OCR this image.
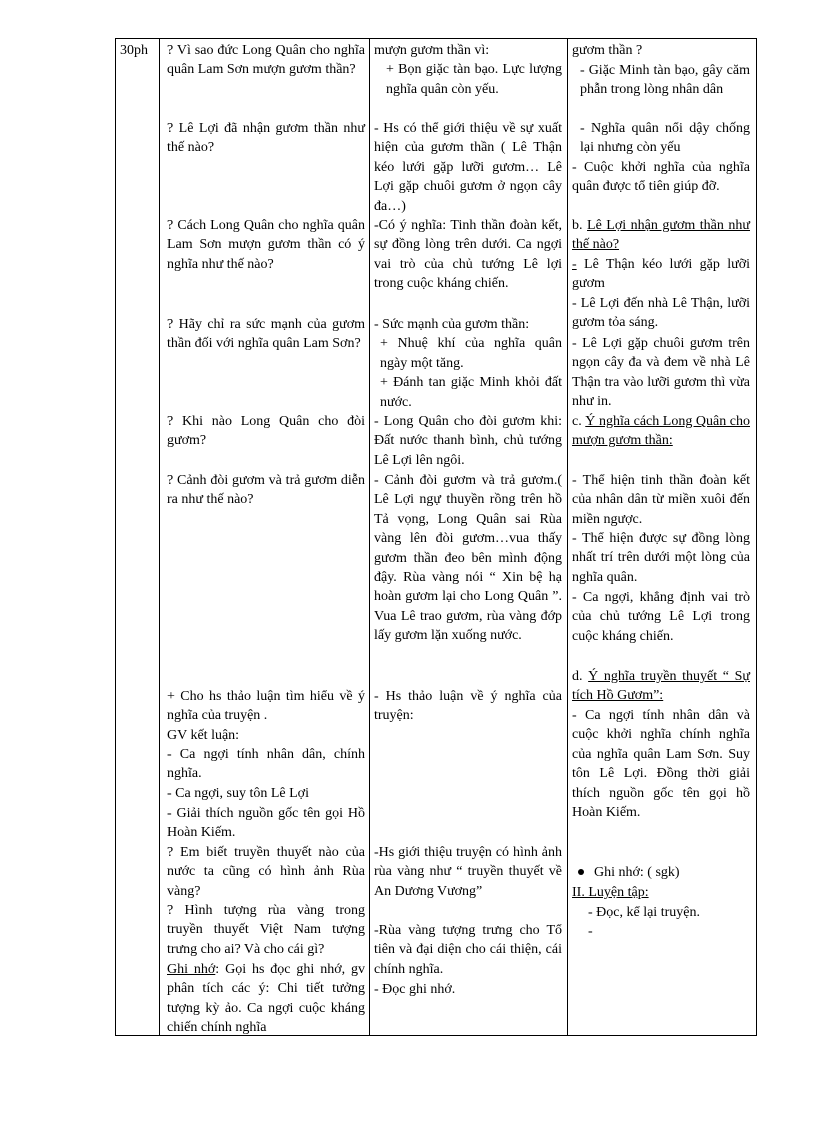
30ph ? Vì sao đức Long Quân cho nghĩa quân Lam Sơn mượn gươm thần?
? Lê Lợi đã nhận gươm thần như thế nào?
? Cách Long Quân cho nghĩa quân Lam Sơn mượn gươm thần có ý nghĩa như thế nào?
? Hãy chỉ ra sức mạnh của gươm thần đối với nghĩa quân Lam Sơn?
? Khi nào Long Quân cho đòi gươm?
? Cảnh đòi gươm và trả gươm diễn ra như thế nào?
+ Cho hs thảo luận tìm hiểu về ý nghĩa của truyện .
GV kết luận:
- Ca ngợi tính nhân dân, chính nghĩa.
- Ca ngợi, suy tôn Lê Lợi
- Giải thích nguồn gốc tên gọi Hồ Hoàn Kiếm.
? Em biết truyền thuyết nào của nước ta cũng có hình ảnh Rùa vàng?
? Hình tượng rùa vàng trong truyền thuyết Việt Nam tượng trưng cho ai? Và cho cái gì?
Ghi nhớ: Gọi hs đọc ghi nhớ, gv phân tích các ý: Chi tiết tưởng tượng kỳ ảo. Ca ngợi cuộc kháng chiến chính nghĩa
mượn gươm thần vì:
+ Bọn giặc tàn bạo. Lực lượng nghĩa quân còn yếu.
- Hs có thể giới thiệu về sự xuất hiện của gươm thần ( Lê Thận kéo lưới gặp lưỡi gươm… Lê Lợi gặp chuôi gươm ở ngọn cây đa…)
-Có ý nghĩa: Tinh thần đoàn kết, sự đồng lòng trên dưới. Ca ngợi vai trò của chủ tướng Lê lợi trong cuộc kháng chiến.
- Sức mạnh của gươm thần:
+ Nhuệ khí của nghĩa quân ngày một tăng.
+ Đánh tan giặc Minh khỏi đất nước.
- Long Quân cho đòi gươm khi: Đất nước thanh bình, chủ tướng Lê Lợi lên ngôi.
- Cảnh đòi gươm và trả gươm.( Lê Lợi ngự thuyền rồng trên hồ Tả vọng, Long Quân sai Rùa vàng lên đòi gươm…vua thấy gươm thần đeo bên mình động đậy. Rùa vàng nói “ Xin bệ hạ hoàn gươm lại cho Long Quân ”. Vua Lê trao gươm, rùa vàng đớp lấy gươm lặn xuống nước.
- Hs thảo luận về ý nghĩa của truyện:
-Hs giới thiệu truyện có hình ảnh rùa vàng như “ truyền thuyết về An Dương Vương”
-Rùa vàng tượng trưng cho Tổ tiên và đại diện cho cái thiện, cái chính nghĩa.
- Đọc ghi nhớ.
gươm thần ?
- Giặc Minh tàn bạo, gây căm phẫn trong lòng nhân dân
- Nghĩa quân nổi dậy chống lại nhưng còn yếu
- Cuộc khởi nghĩa của nghĩa quân được tổ tiên giúp đỡ.
b. Lê Lợi nhận gươm thần như thế nào?
- Lê Thận kéo lưới gặp lưỡi gươm
- Lê Lợi đến nhà Lê Thận, lưỡi gươm tỏa sáng.
- Lê Lợi gặp chuôi gươm trên ngọn cây đa và đem về nhà Lê Thận tra vào lưỡi gươm thì vừa như in.
c. Ý nghĩa cách Long Quân cho mượn gươm thần:
- Thể hiện tinh thần đoàn kết của nhân dân từ miền xuôi đến miền ngược.
- Thể hiện được sự đồng lòng nhất trí trên dưới một lòng của nghĩa quân.
- Ca ngợi, khẳng định vai trò của chủ tướng Lê Lợi trong cuộc kháng chiến.
d. Ý nghĩa truyền thuyết “ Sự tích Hồ Gươm”:
- Ca ngợi tính nhân dân và cuộc khởi nghĩa chính nghĩa của nghĩa quân Lam Sơn. Suy tôn Lê Lợi. Đồng thời giải thích nguồn gốc tên gọi hồ Hoàn Kiếm.
Ghi nhớ: ( sgk)
II. Luyện tập:
- Đọc, kể lại truyện.
-
